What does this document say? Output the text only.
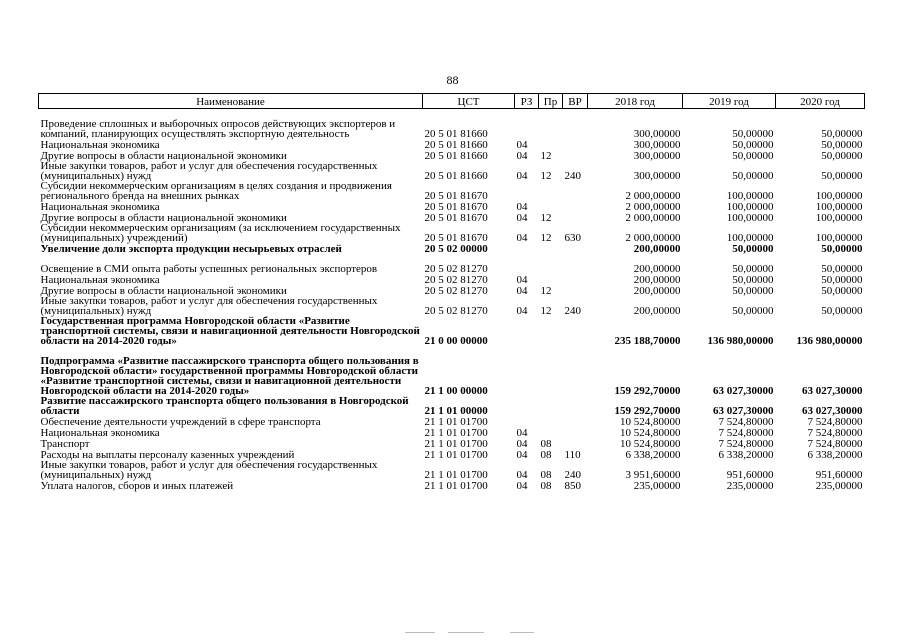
88
Наименование	ЦСТ	РЗ	Пр	ВР	2018 год	2019 год	2020 год
Проведение сплошных и выборочных опросов действующих экспортеров и компаний, планирующих осуществлять экспортную деятельность	20 5 01 81660				300,00000	50,00000	50,00000
Национальная экономика	20 5 01 81660	04			300,00000	50,00000	50,00000
Другие вопросы в области национальной экономики	20 5 01 81660	04	12		300,00000	50,00000	50,00000
Иные закупки товаров, работ и услуг для обеспечения государственных (муниципальных) нужд	20 5 01 81660	04	12	240	300,00000	50,00000	50,00000
Субсидии некоммерческим организациям в целях создания и продвижения регионального бренда на внешних рынках	20 5 01 81670				2 000,00000	100,00000	100,00000
Национальная экономика	20 5 01 81670	04			2 000,00000	100,00000	100,00000
Другие вопросы в области национальной экономики	20 5 01 81670	04	12		2 000,00000	100,00000	100,00000
Субсидии некоммерческим организациям (за исключением государственных (муниципальных) учреждений)	20 5 01 81670	04	12	630	2 000,00000	100,00000	100,00000
Увеличение доли экспорта продукции несырьевых отраслей	20 5 02 00000				200,00000	50,00000	50,00000
Освещение в СМИ опыта работы успешных региональных экспортеров	20 5 02 81270				200,00000	50,00000	50,00000
Национальная экономика	20 5 02 81270	04			200,00000	50,00000	50,00000
Другие вопросы в области национальной экономики	20 5 02 81270	04	12		200,00000	50,00000	50,00000
Иные закупки товаров, работ и услуг для обеспечения государственных (муниципальных) нужд	20 5 02 81270	04	12	240	200,00000	50,00000	50,00000
Государственная программа Новгородской области «Развитие транспортной системы, связи и навигационной деятельности Новгородской области на 2014-2020 годы»	21 0 00 00000				235 188,70000	136 980,00000	136 980,00000
Подпрограмма «Развитие пассажирского транспорта общего пользования в Новгородской области» государственной программы Новгородской области «Развитие транспортной системы, связи и навигационной деятельности Новгородской области на 2014-2020 годы»	21 1 00 00000				159 292,70000	63 027,30000	63 027,30000
Развитие пассажирского транспорта общего пользования в Новгородской области	21 1 01 00000				159 292,70000	63 027,30000	63 027,30000
Обеспечение деятельности учреждений в сфере транспорта	21 1 01 01700				10 524,80000	7 524,80000	7 524,80000
Национальная экономика	21 1 01 01700	04			10 524,80000	7 524,80000	7 524,80000
Транспорт	21 1 01 01700	04	08		10 524,80000	7 524,80000	7 524,80000
Расходы на выплаты персоналу казенных учреждений	21 1 01 01700	04	08	110	6 338,20000	6 338,20000	6 338,20000
Иные закупки товаров, работ и услуг для обеспечения государственных (муниципальных) нужд	21 1 01 01700	04	08	240	3 951,60000	951,60000	951,60000
Уплата налогов, сборов и иных платежей	21 1 01 01700	04	08	850	235,00000	235,00000	235,00000
